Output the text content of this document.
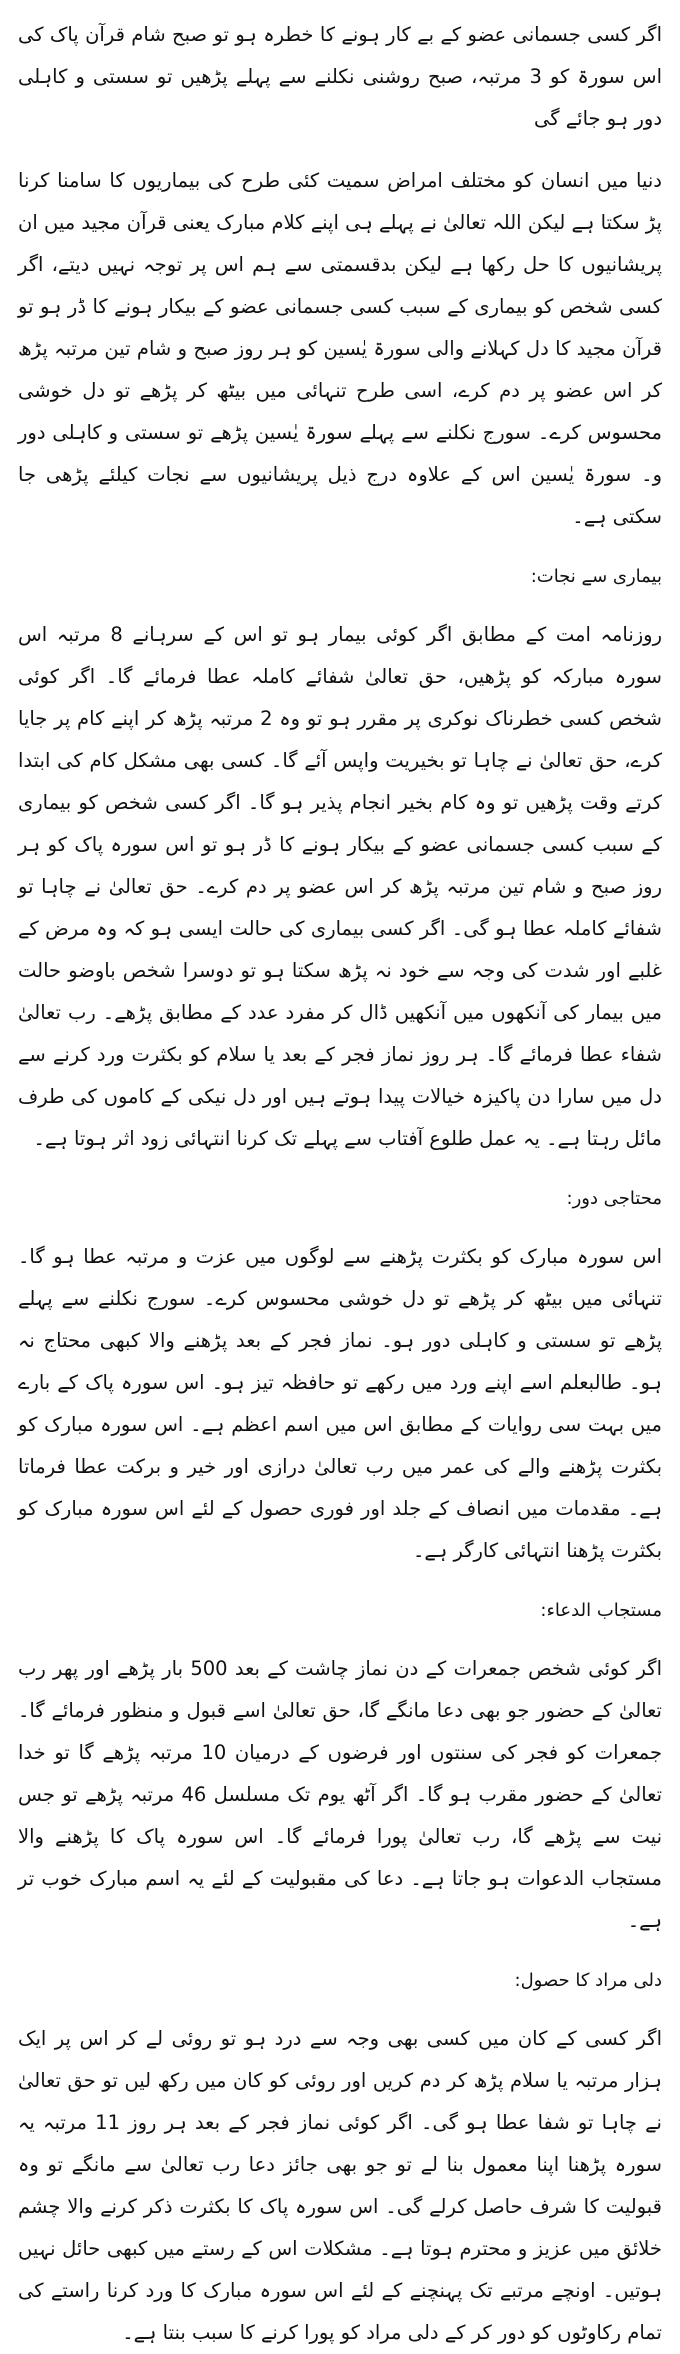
اگر کسی جسمانی عضو کے بے کار ہونے کا خطرہ ہو تو صبح شام قرآن پاک کی اس سورۃ کو 3 مرتبہ، صبح روشنی نکلنے سے پہلے پڑھیں تو سستی و کاہلی دور ہو جائے گی

دنیا میں انسان کو مختلف امراض سمیت کئی طرح کی بیماریوں کا سامنا کرنا پڑ سکتا ہے لیکن اللہ تعالیٰ نے پہلے ہی اپنے کلام مبارک یعنی قرآن مجید میں ان پریشانیوں کا حل رکھا ہے لیکن بدقسمتی سے ہم اس پر توجہ نہیں دیتے، اگر کسی شخص کو بیماری کے سبب کسی جسمانی عضو کے بیکار ہونے کا ڈر ہو تو قرآن مجید کا دل کہلانے والی سورۃ یٰسین کو ہر روز صبح و شام تین مرتبہ پڑھ کر اس عضو پر دم کرے، اسی طرح تنہائی میں بیٹھ کر پڑھے تو دل خوشی محسوس کرے۔ سورج نکلنے سے پہلے سورۃ یٰسین پڑھے تو سستی و کاہلی دور و۔ سورۃ یٰسین اس کے علاوہ درج ذیل پریشانیوں سے نجات کیلئے پڑھی جا سکتی ہے۔

بیماری سے نجات:

روزنامہ امت کے مطابق اگر کوئی بیمار ہو تو اس کے سرہانے 8 مرتبہ اس سورہ مبارکہ کو پڑھیں، حق تعالیٰ شفائے کاملہ عطا فرمائے گا۔ اگر کوئی شخص کسی خطرناک نوکری پر مقرر ہو تو وہ 2 مرتبہ پڑھ کر اپنے کام پر جایا کرے، حق تعالیٰ نے چاہا تو بخیریت واپس آئے گا۔ کسی بھی مشکل کام کی ابتدا کرتے وقت پڑھیں تو وہ کام بخیر انجام پذیر ہو گا۔ اگر کسی شخص کو بیماری کے سبب کسی جسمانی عضو کے بیکار ہونے کا ڈر ہو تو اس سورہ پاک کو ہر روز صبح و شام تین مرتبہ پڑھ کر اس عضو پر دم کرے۔ حق تعالیٰ نے چاہا تو شفائے کاملہ عطا ہو گی۔ اگر کسی بیماری کی حالت ایسی ہو کہ وہ مرض کے غلبے اور شدت کی وجہ سے خود نہ پڑھ سکتا ہو تو دوسرا شخص باوضو حالت میں بیمار کی آنکھوں میں آنکھیں ڈال کر مفرد عدد کے مطابق پڑھے۔ رب تعالیٰ شفاء عطا فرمائے گا۔ ہر روز نماز فجر کے بعد یا سلام کو بکثرت ورد کرنے سے دل میں سارا دن پاکیزہ خیالات پیدا ہوتے ہیں اور دل نیکی کے کاموں کی طرف مائل رہتا ہے۔ یہ عمل طلوع آفتاب سے پہلے تک کرنا انتہائی زود اثر ہوتا ہے۔

محتاجی دور:

اس سورہ مبارک کو بکثرت پڑھنے سے لوگوں میں عزت و مرتبہ عطا ہو گا۔ تنہائی میں بیٹھ کر پڑھے تو دل خوشی محسوس کرے۔ سورج نکلنے سے پہلے پڑھے تو سستی و کاہلی دور ہو۔ نماز فجر کے بعد پڑھنے والا کبھی محتاج نہ ہو۔ طالبعلم اسے اپنے ورد میں رکھے تو حافظہ تیز ہو۔ اس سورہ پاک کے بارے میں بہت سی روایات کے مطابق اس میں اسم اعظم ہے۔ اس سورہ مبارک کو بکثرت پڑھنے والے کی عمر میں رب تعالیٰ درازی اور خیر و برکت عطا فرماتا ہے۔ مقدمات میں انصاف کے جلد اور فوری حصول کے لئے اس سورہ مبارک کو بکثرت پڑھنا انتہائی کارگر ہے۔

مستجاب الدعاء:

اگر کوئی شخص جمعرات کے دن نماز چاشت کے بعد 500 بار پڑھے اور پھر رب تعالیٰ کے حضور جو بھی دعا مانگے گا، حق تعالیٰ اسے قبول و منظور فرمائے گا۔ جمعرات کو فجر کی سنتوں اور فرضوں کے درمیان 10 مرتبہ پڑھے گا تو خدا تعالیٰ کے حضور مقرب ہو گا۔ اگر آٹھ یوم تک مسلسل 46 مرتبہ پڑھے تو جس نیت سے پڑھے گا، رب تعالیٰ پورا فرمائے گا۔ اس سورہ پاک کا پڑھنے والا مستجاب الدعوات ہو جاتا ہے۔ دعا کی مقبولیت کے لئے یہ اسم مبارک خوب تر ہے۔

دلی مراد کا حصول:

اگر کسی کے کان میں کسی بھی وجہ سے درد ہو تو روئی لے کر اس پر ایک ہزار مرتبہ یا سلام پڑھ کر دم کریں اور روئی کو کان میں رکھ لیں تو حق تعالیٰ نے چاہا تو شفا عطا ہو گی۔ اگر کوئی نماز فجر کے بعد ہر روز 11 مرتبہ یہ سورہ پڑھنا اپنا معمول بنا لے تو جو بھی جائز دعا رب تعالیٰ سے مانگے تو وہ قبولیت کا شرف حاصل کرلے گی۔ اس سورہ پاک کا بکثرت ذکر کرنے والا چشم خلائق میں عزیز و محترم ہوتا ہے۔ مشکلات اس کے رستے میں کبھی حائل نہیں ہوتیں۔ اونچے مرتبے تک پہنچنے کے لئے اس سورہ مبارک کا ورد کرنا راستے کی تمام رکاوٹوں کو دور کر کے دلی مراد کو پورا کرنے کا سبب بنتا ہے۔
